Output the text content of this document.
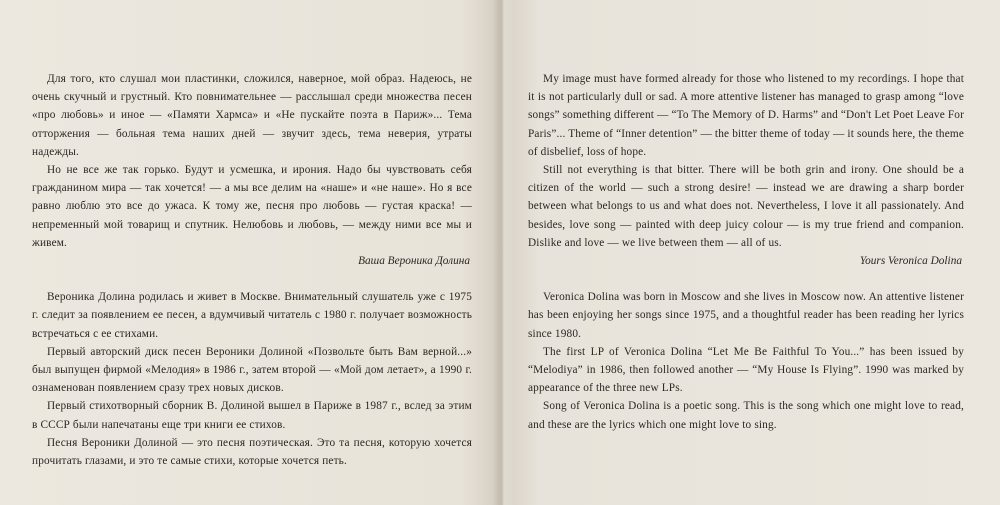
Для того, кто слушал мои пластинки, сложился, наверное, мой образ. Надеюсь, не очень скучный и грустный. Кто повнимательнее — расслышал среди множества песен «про любовь» и иное — «Памяти Хармса» и «Не пускайте поэта в Париж»... Тема отторжения — больная тема наших дней — звучит здесь, тема неверия, утраты надежды.

Но не все же так горько. Будут и усмешка, и ирония. Надо бы чувствовать себя гражданином мира — так хочется! — а мы все делим на «наше» и «не наше». Но я все равно люблю это все до ужаса. К тому же, песня про любовь — густая краска! — непременный мой товарищ и спутник. Нелюбовь и любовь, — между ними все мы и живем.

Ваша Вероника Долина

Вероника Долина родилась и живет в Москве. Внимательный слушатель уже с 1975 г. следит за появлением ее песен, а вдумчивый читатель с 1980 г. получает возможность встречаться с ее стихами.

Первый авторский диск песен Вероники Долиной «Позвольте быть Вам верной...» был выпущен фирмой «Мелодия» в 1986 г., затем второй — «Мой дом летает», а 1990 г. ознаменован появлением сразу трех новых дисков.

Первый стихотворный сборник В. Долиной вышел в Париже в 1987 г., вслед за этим в СССР были напечатаны еще три книги ее стихов.

Песня Вероники Долиной — это песня поэтическая. Это та песня, которую хочется прочитать глазами, и это те самые стихи, которые хочется петь.

My image must have formed already for those who listened to my recordings. I hope that it is not particularly dull or sad. A more attentive listener has managed to grasp among “love songs” something different — “To The Memory of D. Harms” and “Don't Let Poet Leave For Paris”... Theme of “Inner detention” — the bitter theme of today — it sounds here, the theme of disbelief, loss of hope.

Still not everything is that bitter. There will be both grin and irony. One should be a citizen of the world — such a strong desire! — instead we are drawing a sharp border between what belongs to us and what does not. Nevertheless, I love it all passionately. And besides, love song — painted with deep juicy colour — is my true friend and companion. Dislike and love — we live between them — all of us.

Yours Veronica Dolina

Veronica Dolina was born in Moscow and she lives in Moscow now. An attentive listener has been enjoying her songs since 1975, and a thoughtful reader has been reading her lyrics since 1980.

The first LP of Veronica Dolina “Let Me Be Faithful To You...” has been issued by “Melodiya” in 1986, then followed another — “My House Is Flying”. 1990 was marked by appearance of the three new LPs.

Song of Veronica Dolina is a poetic song. This is the song which one might love to read, and these are the lyrics which one might love to sing.
